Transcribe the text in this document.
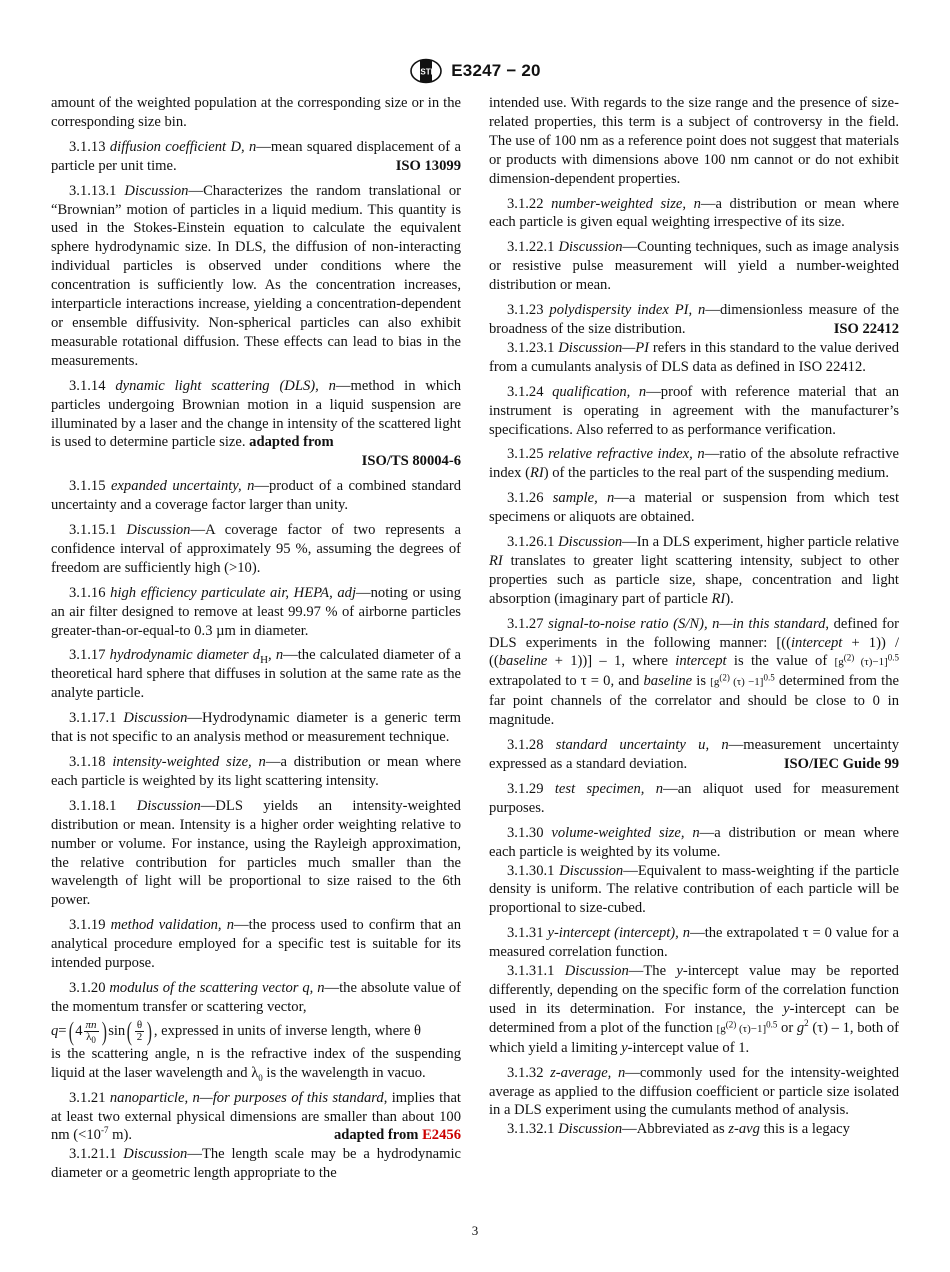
ASTM E3247 − 20

amount of the weighted population at the corresponding size or in the corresponding size bin.

3.1.13 diffusion coefficient D, n—mean squared displacement of a particle per unit time.	ISO 13099

3.1.13.1 Discussion—Characterizes the random translational or “Brownian” motion of particles in a liquid medium. This quantity is used in the Stokes-Einstein equation to calculate the equivalent sphere hydrodynamic size. In DLS, the diffusion of non-interacting individual particles is observed under conditions where the concentration is sufficiently low. As the concentration increases, interparticle interactions increase, yielding a concentration-dependent or ensemble diffusivity. Non-spherical particles can also exhibit measurable rotational diffusion. These effects can lead to bias in the measurements.

3.1.14 dynamic light scattering (DLS), n—method in which particles undergoing Brownian motion in a liquid suspension are illuminated by a laser and the change in intensity of the scattered light is used to determine particle size. adapted from

ISO/TS 80004-6

3.1.15 expanded uncertainty, n—product of a combined standard uncertainty and a coverage factor larger than unity.

3.1.15.1 Discussion—A coverage factor of two represents a confidence interval of approximately 95 %, assuming the degrees of freedom are sufficiently high (>10).

3.1.16 high efficiency particulate air, HEPA, adj—noting or using an air filter designed to remove at least 99.97 % of airborne particles greater-than-or-equal-to 0.3 µm in diameter.

3.1.17 hydrodynamic diameter $d_H$, n—the calculated diameter of a theoretical hard sphere that diffuses in solution at the same rate as the analyte particle.

3.1.17.1 Discussion—Hydrodynamic diameter is a generic term that is not specific to an analysis method or measurement technique.

3.1.18 intensity-weighted size, n—a distribution or mean where each particle is weighted by its light scattering intensity.

3.1.18.1 Discussion—DLS yields an intensity-weighted distribution or mean. Intensity is a higher order weighting relative to number or volume. For instance, using the Rayleigh approximation, the relative contribution for particles much smaller than the wavelength of light will be proportional to size raised to the 6th power.

3.1.19 method validation, n—the process used to confirm that an analytical procedure employed for a specific test is suitable for its intended purpose.

3.1.20 modulus of the scattering vector q, n—the absolute value of the momentum transfer or scattering vector,

q = ( $4 \frac{\pi n}{\lambda_0}$ ) sin ( $\frac{\theta}{2}$ ) , expressed in units of inverse length, where θ

is the scattering angle, n is the refractive index of the suspending liquid at the laser wavelength and $\lambda_0$ is the wavelength in vacuo.

3.1.21 nanoparticle, n—for purposes of this standard, implies that at least two external physical dimensions are smaller than about 100 nm ($<10^{-7}$ m).	adapted from E2456

3.1.21.1 Discussion—The length scale may be a hydrodynamic diameter or a geometric length appropriate to the

intended use. With regards to the size range and the presence of size-related properties, this term is a subject of controversy in the field. The use of 100 nm as a reference point does not suggest that materials or products with dimensions above 100 nm cannot or do not exhibit dimension-dependent properties.

3.1.22 number-weighted size, n—a distribution or mean where each particle is given equal weighting irrespective of its size.

3.1.22.1 Discussion—Counting techniques, such as image analysis or resistive pulse measurement will yield a number-weighted distribution or mean.

3.1.23 polydispersity index PI, n—dimensionless measure of the broadness of the size distribution.	ISO 22412

3.1.23.1 Discussion—PI refers in this standard to the value derived from a cumulants analysis of DLS data as defined in ISO 22412.

3.1.24 qualification, n—proof with reference material that an instrument is operating in agreement with the manufacturer’s specifications. Also referred to as performance verification.

3.1.25 relative refractive index, n—ratio of the absolute refractive index (RI) of the particles to the real part of the suspending medium.

3.1.26 sample, n—a material or suspension from which test specimens or aliquots are obtained.

3.1.26.1 Discussion—In a DLS experiment, higher particle relative RI translates to greater light scattering intensity, subject to other properties such as particle size, shape, concentration and light absorption (imaginary part of particle RI).

3.1.27 signal-to-noise ratio (S/N), n—in this standard, defined for DLS experiments in the following manner: [((intercept + 1)) / ((baseline + 1))] – 1, where intercept is the value of [$g^{(2)}$ (τ)−1]$^{0.5}$ extrapolated to τ = 0, and baseline is [$g^{(2)}$ (τ) −1]$^{0.5}$ determined from the far point channels of the correlator and should be close to 0 in magnitude.

3.1.28 standard uncertainty u, n—measurement uncertainty expressed as a standard deviation.	ISO/IEC Guide 99

3.1.29 test specimen, n—an aliquot used for measurement purposes.

3.1.30 volume-weighted size, n—a distribution or mean where each particle is weighted by its volume.

3.1.30.1 Discussion—Equivalent to mass-weighting if the particle density is uniform. The relative contribution of each particle will be proportional to size-cubed.

3.1.31 y-intercept (intercept), n—the extrapolated τ = 0 value for a measured correlation function.

3.1.31.1 Discussion—The y-intercept value may be reported differently, depending on the specific form of the correlation function used in its determination. For instance, the y-intercept can be determined from a plot of the function [$g^{(2)}$ (τ)−1]$^{0.5}$ or $g^2$ (τ) – 1, both of which yield a limiting y-intercept value of 1.

3.1.32 z-average, n—commonly used for the intensity-weighted average as applied to the diffusion coefficient or particle size isolated in a DLS experiment using the cumulants method of analysis.

3.1.32.1 Discussion—Abbreviated as z-avg this is a legacy

3
